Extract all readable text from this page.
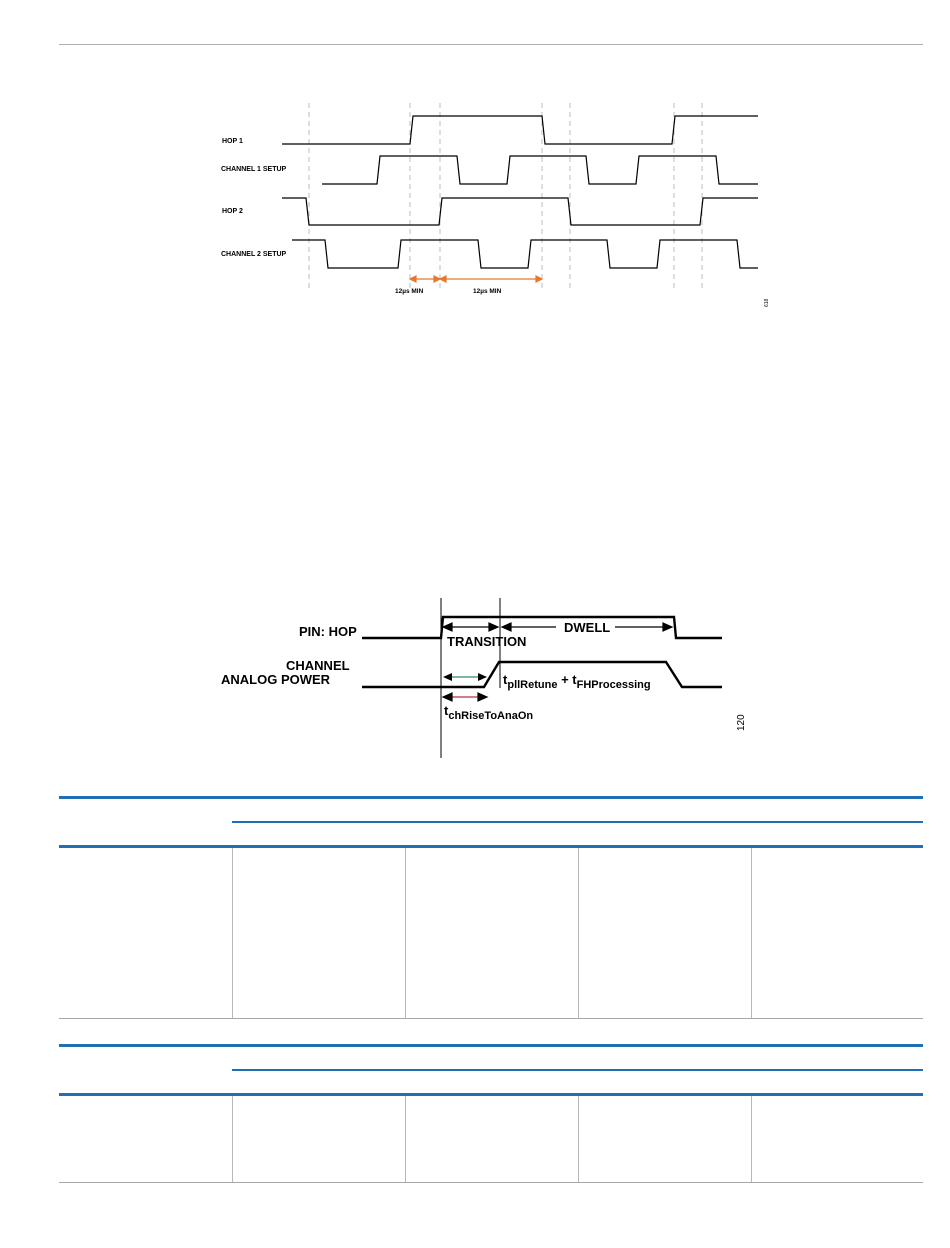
HOP 1
CHANNEL 1 SETUP
HOP 2
CHANNEL 2 SETUP
12µs MIN	12µs MIN
618
PIN: HOP
CHANNEL
ANALOG POWER
TRANSITION
DWELL
$t_{pllRetune} + t_{FHProcessing}$
$t_{chRiseToAnaOn}$	120
